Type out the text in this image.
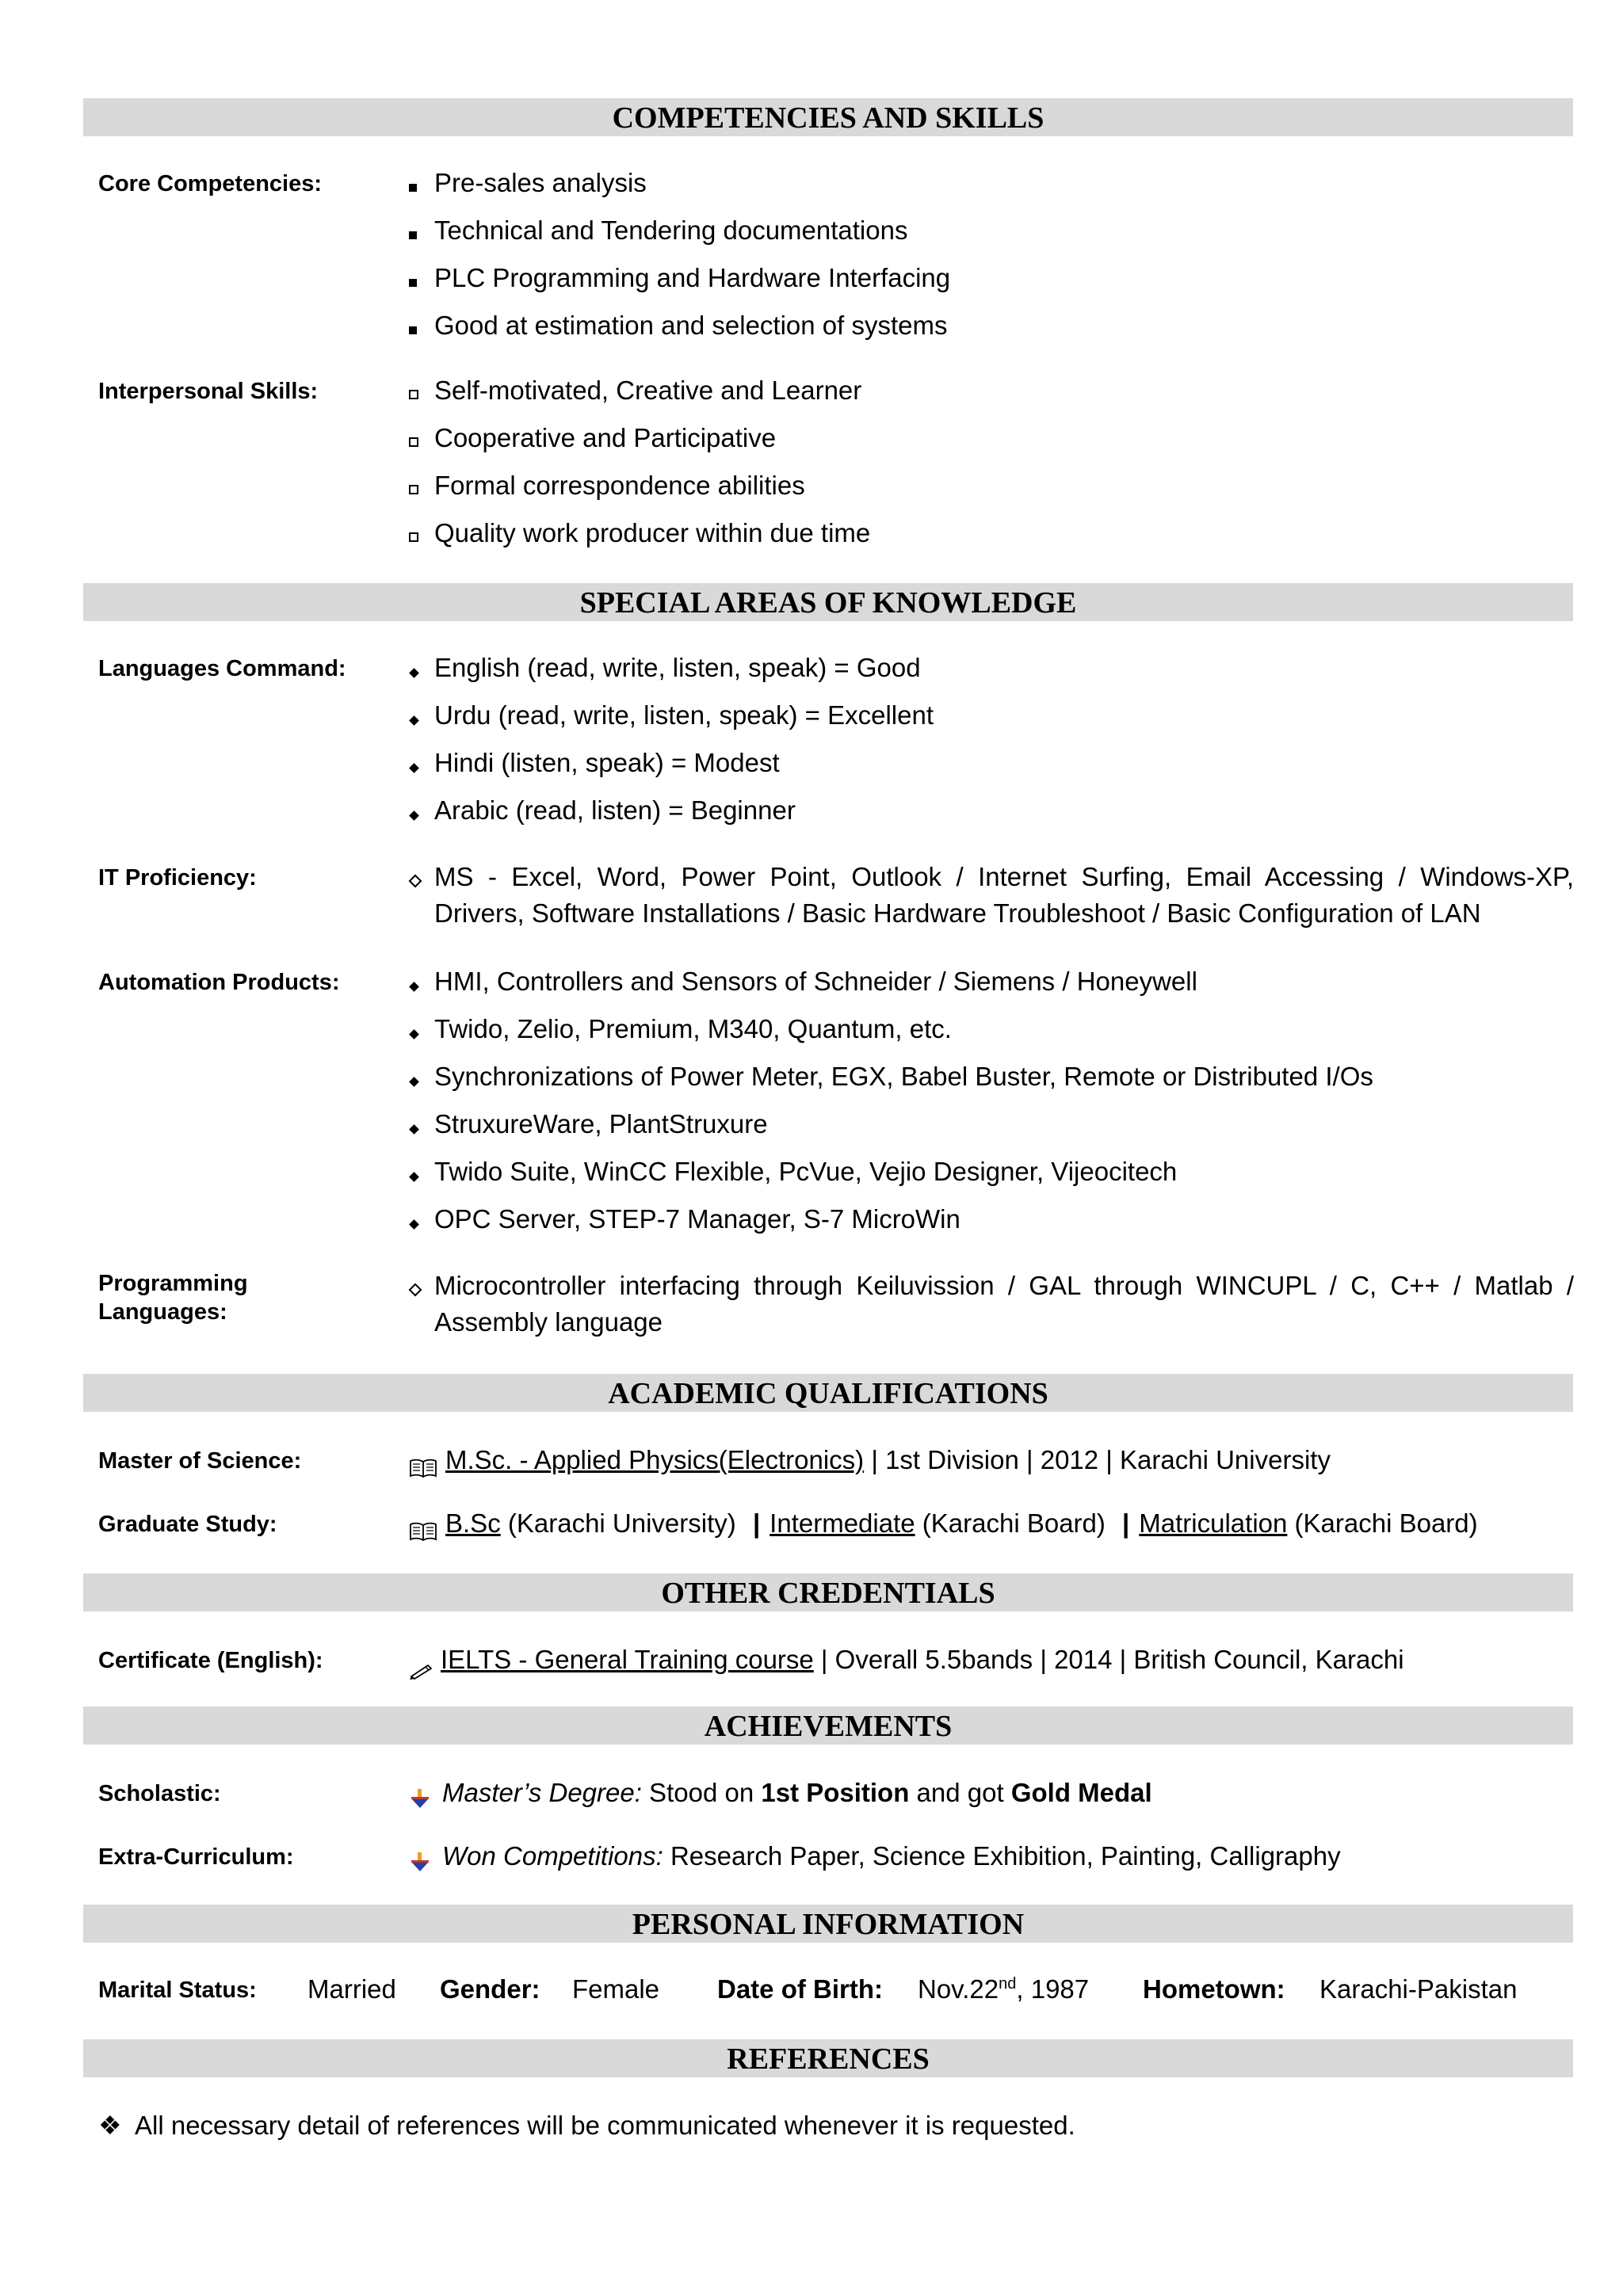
COMPETENCIES AND SKILLS
Core Competencies:	Pre-sales analysis
Technical and Tendering documentations
PLC Programming and Hardware Interfacing
Good at estimation and selection of systems
Interpersonal Skills:	Self-motivated, Creative and Learner
Cooperative and Participative
Formal correspondence abilities
Quality work producer within due time
SPECIAL AREAS OF KNOWLEDGE
Languages Command:	English (read, write, listen, speak) = Good
Urdu (read, write, listen, speak) = Excellent
Hindi (listen, speak) = Modest
Arabic (read, listen) = Beginner
IT Proficiency:	MS - Excel, Word, Power Point, Outlook / Internet Surfing, Email Accessing / Windows-XP, Drivers, Software Installations / Basic Hardware Troubleshoot / Basic Configuration of LAN
Automation Products:	HMI, Controllers and Sensors of Schneider / Siemens / Honeywell
Twido, Zelio, Premium, M340, Quantum, etc.
Synchronizations of Power Meter, EGX, Babel Buster, Remote or Distributed I/Os
StruxureWare, PlantStruxure
Twido Suite, WinCC Flexible, PcVue, Vejio Designer, Vijeocitech
OPC Server, STEP-7 Manager, S-7 MicroWin
Programming Languages:
Microcontroller interfacing through Keiluvission / GAL through WINCUPL / C, C++ / Matlab / Assembly language
ACADEMIC QUALIFICATIONS
Master of Science:	M.Sc. - Applied Physics(Electronics) | 1st Division | 2012 | Karachi University
Graduate Study:	B.Sc (Karachi University) | Intermediate (Karachi Board) | Matriculation (Karachi Board)
OTHER CREDENTIALS
Certificate (English):	IELTS - General Training course | Overall 5.5bands | 2014 | British Council, Karachi
ACHIEVEMENTS
Scholastic:	Master’s Degree: Stood on 1st Position and got Gold Medal
Extra-Curriculum:	Won Competitions: Research Paper, Science Exhibition, Painting, Calligraphy
PERSONAL INFORMATION
Marital Status:	Married Gender: Female Date of Birth: Nov.22nd, 1987 Hometown: Karachi-Pakistan
REFERENCES
❖ All necessary detail of references will be communicated whenever it is requested.
